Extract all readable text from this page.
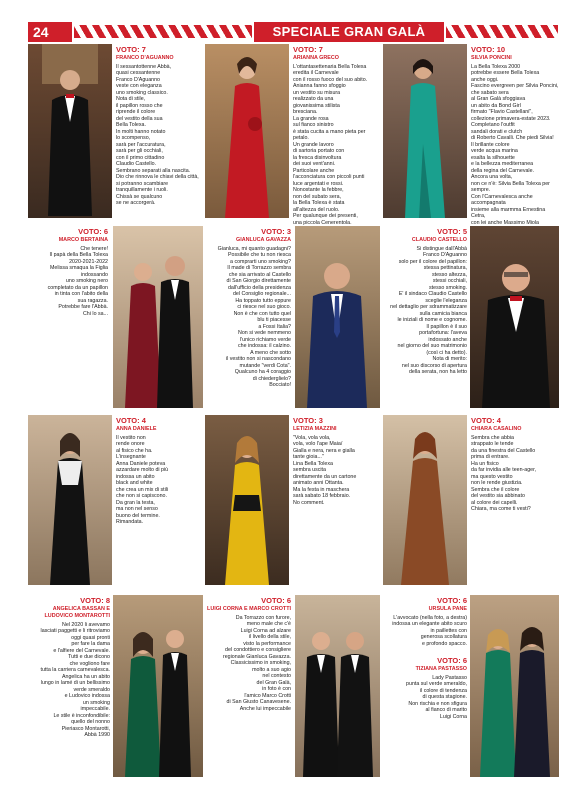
24	SPECIALE GRAN GALÀ
VOTO: 7
FRANCO D'AGUANNO
Il sessantottenne Abbà,
quasi cessantenne
Franco D'Aguanno
veste con eleganza
uno smoking classico.
Nota di stile,
il papillon rosso che
riprende il colore
del vestito della sua
Bella Tolexa.
In molti hanno notato
lo scompenso,
sarà per l'accuratura,
sarà per gli occhiali,
con il primo cittadino
Claudio Castello.
Sembrano separati alla nascita.
Dio che rinnova le chiavi della città,
si potranno scambiare
tranquillamente i ruoli.
Chissà se qualcuno
se ne accorgerà.
VOTO: 7
ARIANNA GRECO
L'ottantasettenaria Bella Tolexa
eredita il Carnevale
con il rosso fuoco del suo abito.
Anianna fanno sfoggio
un vestito su misura
realizzato da una
giovanissima stilista
bresciana.
La grande rosa
sul fianco sinistro
è stata cucita a mano pieta per petalo.
Un grande lavoro
di sartoria portato con
la fresca disinvoltura
dei suoi vent'anni.
Particolare anche
l'acconciatura con piccoli punti
luce argentati e rossi.
Nonostante la febbre,
non del subato sera,
la Bella Tolexa è stata
all'altezza del ruolo.
Per qualunque dei presenti,
una piccola Cenerentola.
VOTO: 10
SILVIA PONCINI
La Bella Tolexa 2000
potrebbe essere Bella Tolexa
anche oggi.
Fascino evergreen per Silvia Poncini,
che sabato sera
al Gran Galà sfoggiava
un abito da Bond Girl
firmato "Flavio Castellani",
collezione primavera-estate 2023.
Completano l'outfit
sandali dorati e clutch
di Roberto Cavalli. Che piedi Silvia!
Il brillante colore
verde acqua marina
esalta la silhouette
e la bellezza mediterranea
della regina del Carnevale.
Ancora una volta,
non ce n'è: Silvia Bella Tolexa per sempre.
Con l'Carnevalesca anche accompagnata
insieme alla marmma Ernestina Cetra,
con lei anche Massimo Miola

VOTO: 6
MARCO BERTAINA
Che tenere!
Il papà della Bella Tolexa
2020-2021-2022
Melissa smaqua la Figlia
indossando
uno smoking nero
completato da un papillon
in tinta con l'abito della
sua ragazza.
Potrebbe fare l'Abbà.
Chi lo sa...
VOTO: 3
GIANLUCA GAVAZZA
Gianluca, mi quanto guadagni?
Possibile che tu non riesca
a comprarti uno smoking?
Il made di Torrazzo sembra
che sia arrivato al Castello
di San Giorgio direttamente
dall'ufficio della presidenza
del Consiglio regionale...
Ha toppato tutto eppure
ci riesce nel suo gioco.
Non è che con tutto quel
blu ti piacesse
a Fossi Italia?
Non si vede nemmeno
l'unico richiamo verde
che indossa: il calzino.
A meno che sotto
il vestito non si nascondano
mutande "verdi Cota".
Qualcuno ha 4 coraggio
di chiederglielo?
Bocciato!
VOTO: 5
CLAUDIO CASTELLO
Si distingue dall'Abbà
Franco D'Aguanno
solo per il colore del papillon:
stessa pettinatura,
stesso altezza,
stessi occhiali,
stesso smoking.
E' il sindaco Claudio Castello
sceglie l'eleganza
nel dettaglio per sdrammatizzare
sulla camicia bianca
le iniziali di nome e cognome.
Il papillon è il suo
portafortuna: l'aveva
indossato anche
nel giorno del suo matrimonio
(così ci ha detto).
Nota di merito:
nel suo discorso di apertura
della serata, non ha letto
VOTO: 4
ANNA DANIELE
Il vestito non
rende onore
al fisico che ha.
L'insegnante
Anna Daniele poteva
azzardare molto di più
indossa un abito
black and white
che crea un mix di stili
che non si capiscono.
Da gran la testa,
ma non nel senso
buono del termine.
Rimandata.
VOTO: 3
LETIZIA MAZZINI
"Vola, vola vola,
vola, volo l'ape Maia/
Gialla e nera, nera e gialla
tante gioia..."
Lina Bella Tolexa
sembra uscita
direttamente da un cartone
animato anni Ottanta.
Ma la festa in maschera
sarà sabato 18 febbraio.
No comment.
VOTO: 4
CHIARA CASALINO
Sembra che abbia
strappato le tende
da una finestra del Castello
prima di entrare.
Ha un fisico
da far invidia alle teen-ager,
ma questo vestito
non le rende giustizia.
Sembra che il colore
del vestito sia abbinato
al colore dei capelli.
Chiara, ma come ti vesti?
VOTO: 8
ANGELICA BASSAN E LUDOVICO MONTAROTTI
Nel 2020 li avevamo
lasciati paggetti e li ritroviamo
oggi quasi pronti
per fare la dama
e l'alfiere del Carnevale.
Tutti e due dicono
che vogliono fare
tutta la carriera carnevalesca.
Angelica ha un abito
lungo in lamé di un bellissimo
verde smeraldo
e Ludovico indossa
un smoking
impeccabile.
Le stile è inconfondibile:
quello del nonno
Pieriasco Montarotti,
Abbà 1990
VOTO: 6
LUIGI CORNA E MARCO CROTTI
Da Torrazzo con furore,
meno male che c'è
Luigi Corna ad alzare
il livello della stile,
visto la performance
del condottiero e consigliere
regionale Gianluca Gavazza.
Classicissimo in smoking,
molto a suo agio
nel contesto
del Gran Galà,
in foto è con
l'amico Marco Crotti
di San Giusto Canavesene.
Anche lui impeccabile
VOTO: 6
URSULA PANE
L'avvocato (nella foto, a destra)
indossa un elegante abito scuro
in paillettes con
generosa scollatura
e profondo spacco.
VOTO: 6
TIZIANA PASTASSO
Lady Pastasso
punta sul verde smeraldo,
il colore di tendenza
di questa stagione.
Non rischia e non sfigura
al fianco di marito
Luigi Corna
